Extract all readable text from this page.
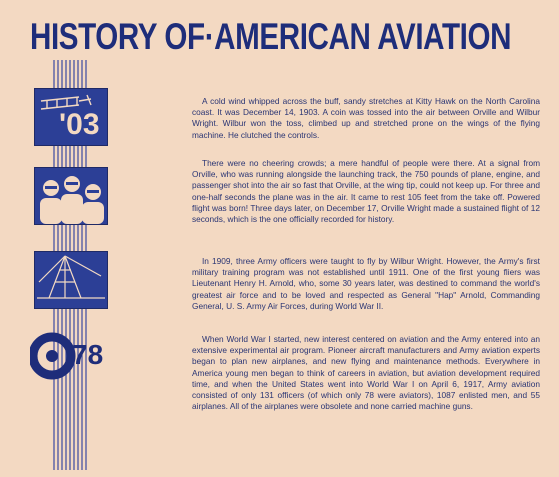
HISTORY OF·AMERICAN AVIATION
'03
78

A cold wind whipped across the buff, sandy stretches at Kitty Hawk on the North Carolina coast. It was December 14, 1903. A coin was tossed into the air between Orville and Wilbur Wright. Wilbur won the toss, climbed up and stretched prone on the wings of the flying machine. He clutched the controls.

There were no cheering crowds; a mere handful of people were there. At a signal from Orville, who was running alongside the launching track, the 750 pounds of plane, engine, and passenger shot into the air so fast that Orville, at the wing tip, could not keep up. For three and one-half seconds the plane was in the air. It came to rest 105 feet from the take off. Powered flight was born! Three days later, on December 17, Orville Wright made a sustained flight of 12 seconds, which is the one officially recorded for history.

In 1909, three Army officers were taught to fly by Wilbur Wright. However, the Army's first military training program was not established until 1911. One of the first young fliers was Lieutenant Henry H. Arnold, who, some 30 years later, was destined to command the world's greatest air force and to be loved and respected as General "Hap" Arnold, Commanding General, U. S. Army Air Forces, during World War II.

When World War I started, new interest centered on aviation and the Army entered into an extensive experimental air program. Pioneer aircraft manufacturers and Army aviation experts began to plan new airplanes, and new flying and maintenance methods. Everywhere in America young men began to think of careers in aviation, but aviation development required time, and when the United States went into World War I on April 6, 1917, Army aviation consisted of only 131 officers (of which only 78 were aviators), 1087 enlisted men, and 55 airplanes. All of the airplanes were obsolete and none carried machine guns.
